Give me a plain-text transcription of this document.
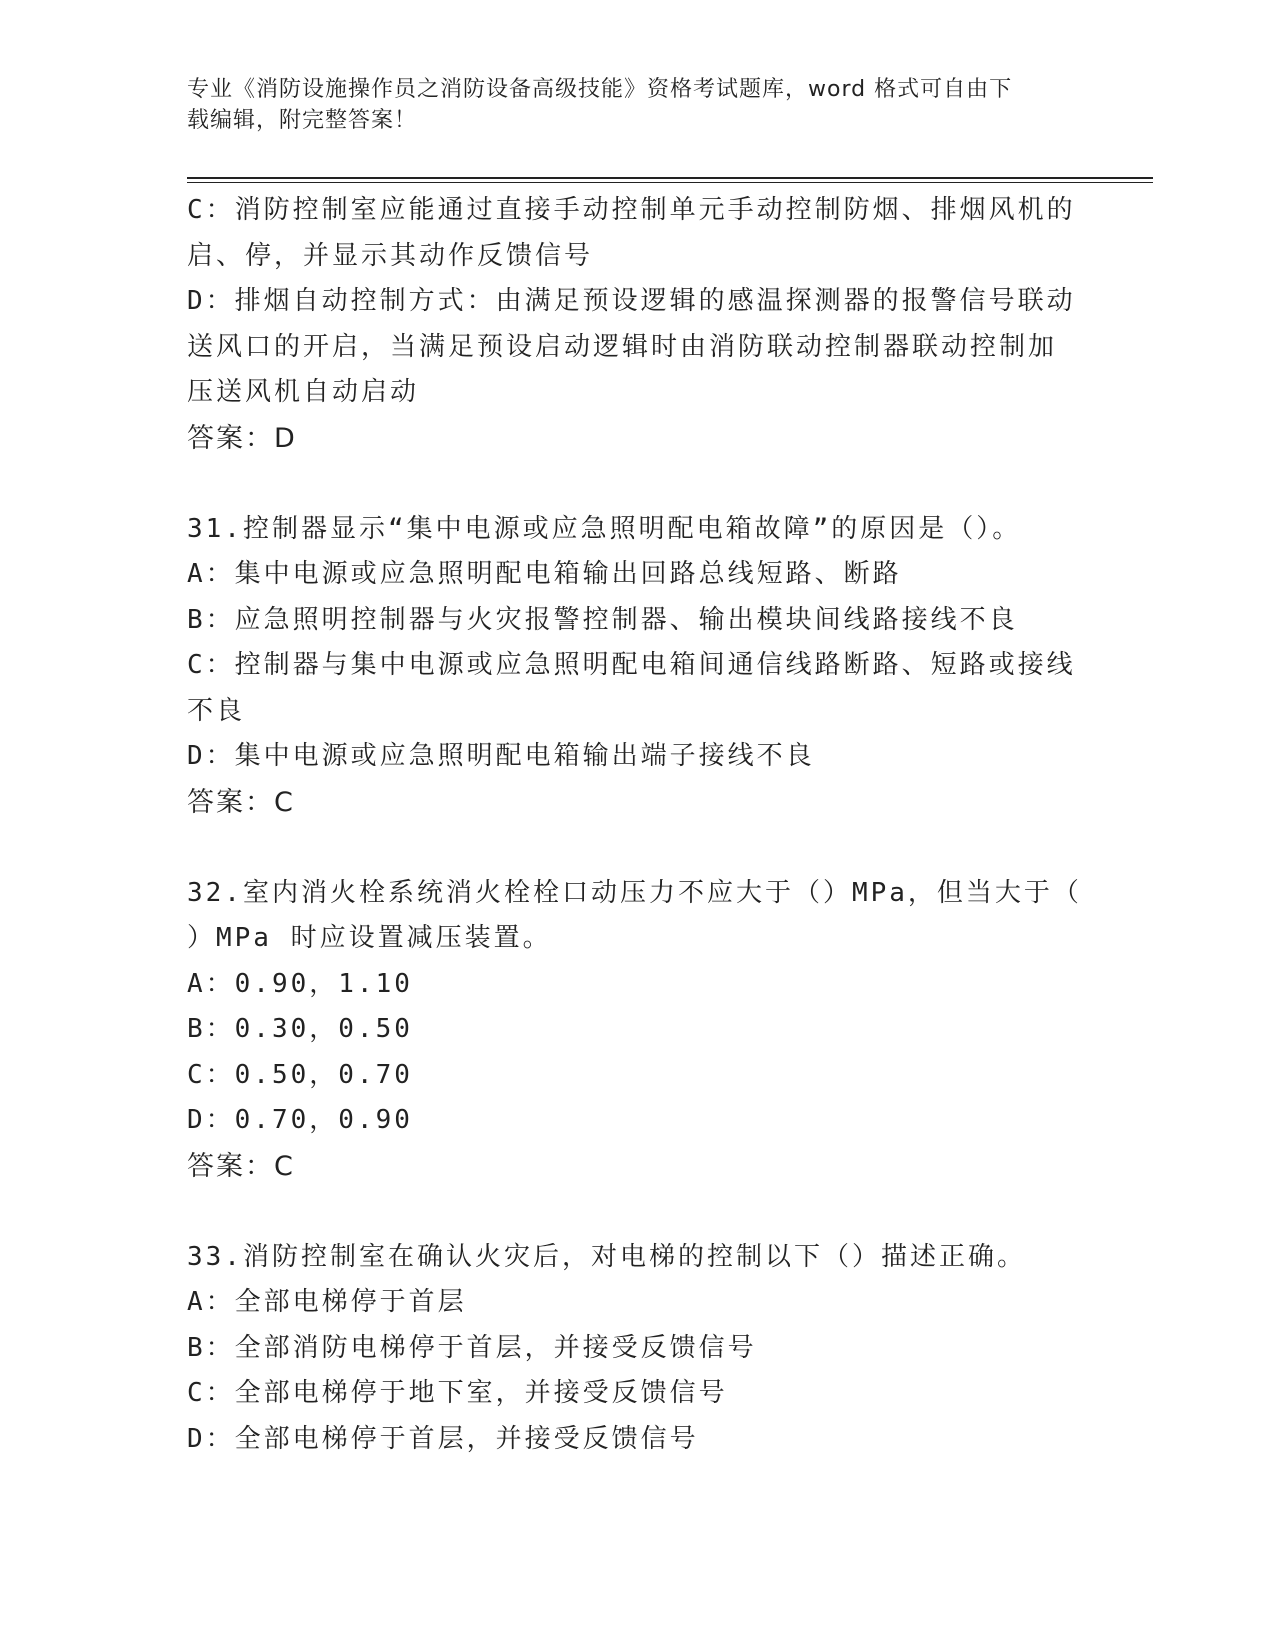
专业《消防设施操作员之消防设备高级技能》资格考试题库，word 格式可自由下
载编辑，附完整答案！
C：消防控制室应能通过直接手动控制单元手动控制防烟、排烟风机的
启、停，并显示其动作反馈信号
D：排烟自动控制方式：由满足预设逻辑的感温探测器的报警信号联动
送风口的开启，当满足预设启动逻辑时由消防联动控制器联动控制加
压送风机自动启动
答案：D
31.控制器显示“集中电源或应急照明配电箱故障”的原因是（）。
A：集中电源或应急照明配电箱输出回路总线短路、断路
B：应急照明控制器与火灾报警控制器、输出模块间线路接线不良
C：控制器与集中电源或应急照明配电箱间通信线路断路、短路或接线
不良
D：集中电源或应急照明配电箱输出端子接线不良
答案：C
32.室内消火栓系统消火栓栓口动压力不应大于（）MPa，但当大于（
）MPa 时应设置减压装置。
A：0.90，1.10
B：0.30，0.50
C：0.50，0.70
D：0.70，0.90
答案：C
33.消防控制室在确认火灾后，对电梯的控制以下（）描述正确。
A：全部电梯停于首层
B：全部消防电梯停于首层，并接受反馈信号
C：全部电梯停于地下室，并接受反馈信号
D：全部电梯停于首层，并接受反馈信号
